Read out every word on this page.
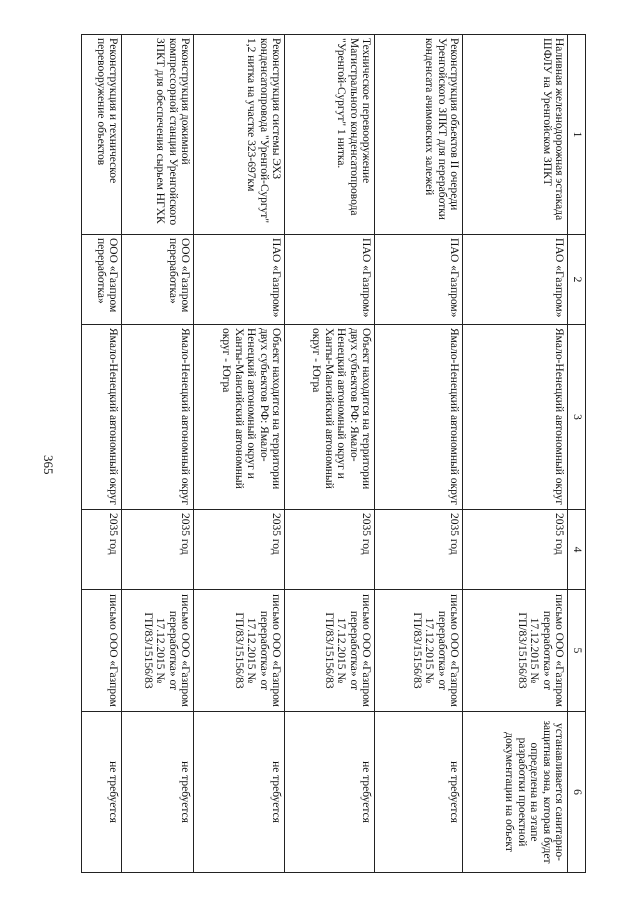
365
1	2	3	4	5	6
Наливная железнодорожная эстакада ШФЛУ на Уренгойском ЗПКТ	ПАО «Газпром»	Ямало-Ненецкий автономный округ	2035 год	письмо ООО «Газпром переработка» от 17.12.2015 № ГП/83/15156/83	устанавливается санитарно-защитная зона, которая будет определена на этапе разработки проектной документации на объект
Реконструкция объектов II очереди Уренгойского ЗПКТ для переработки конденсата ачимовских залежей	ПАО «Газпром»	Ямало-Ненецкий автономный округ	2035 год	письмо ООО «Газпром переработка» от 17.12.2015 № ГП/83/15156/83	не требуется
Техническое перевооружение Магистрального конденсатопровода "Уренгой-Сургут" 1 нитка.	ПАО «Газпром»	Объект находится на территории двух субъектов РФ: Ямало-Ненецкий автономный округ и Ханты-Мансийский автономный округ - Югра	2035 год	письмо ООО «Газпром переработка» от 17.12.2015 № ГП/83/15156/83	не требуется
Реконструкция системы ЭХЗ конденсатопровода "Уренгой-Сургут" 1,2 нитка на участке 323-697км	ПАО «Газпром»	Объект находится на территории двух субъектов РФ: Ямало-Ненецкий автономный округ и Ханты-Мансийский автономный округ - Югра	2035 год	письмо ООО «Газпром переработка» от 17.12.2015 № ГП/83/15156/83	не требуется
Реконструкция дожимной компрессорной станции Уренгойского ЗПКТ для обеспечения сырьем НГХК	ООО «Газпром переработка»	Ямало-Ненецкий автономный округ	2035 год	письмо ООО «Газпром переработка» от 17.12.2015 № ГП/83/15156/83	не требуется
Реконструкция и техническое перевооружение объектов	ООО «Газпром переработка»	Ямало-Ненецкий автономный округ	2035 год	письмо ООО «Газпром	не требуется
